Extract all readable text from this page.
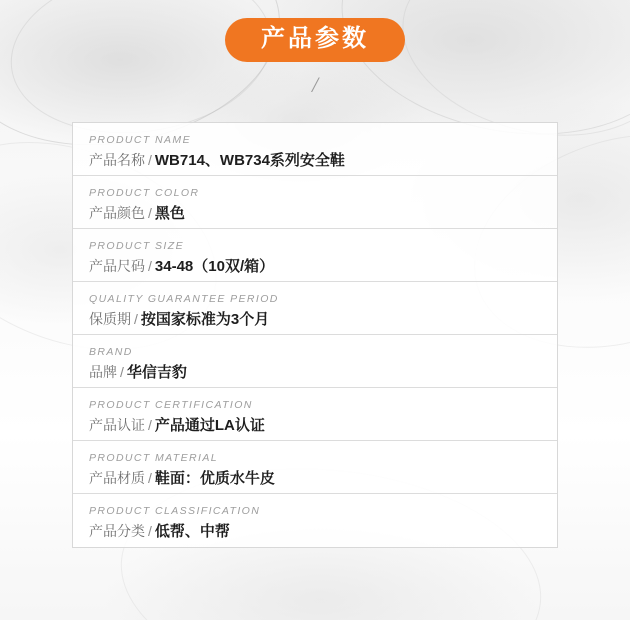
产品参数
/
PRODUCT NAME
产品名称 / WB714、WB734系列安全鞋
PRODUCT COLOR
产品颜色 / 黑色
PRODUCT SIZE
产品尺码 / 34-48（10双/箱）
QUALITY GUARANTEE PERIOD
保质期 / 按国家标准为3个月
BRAND
品牌 / 华信吉豹
PRODUCT CERTIFICATION
产品认证 / 产品通过LA认证
PRODUCT MATERIAL
产品材质 / 鞋面：优质水牛皮
PRODUCT CLASSIFICATION
产品分类 / 低帮、中帮
